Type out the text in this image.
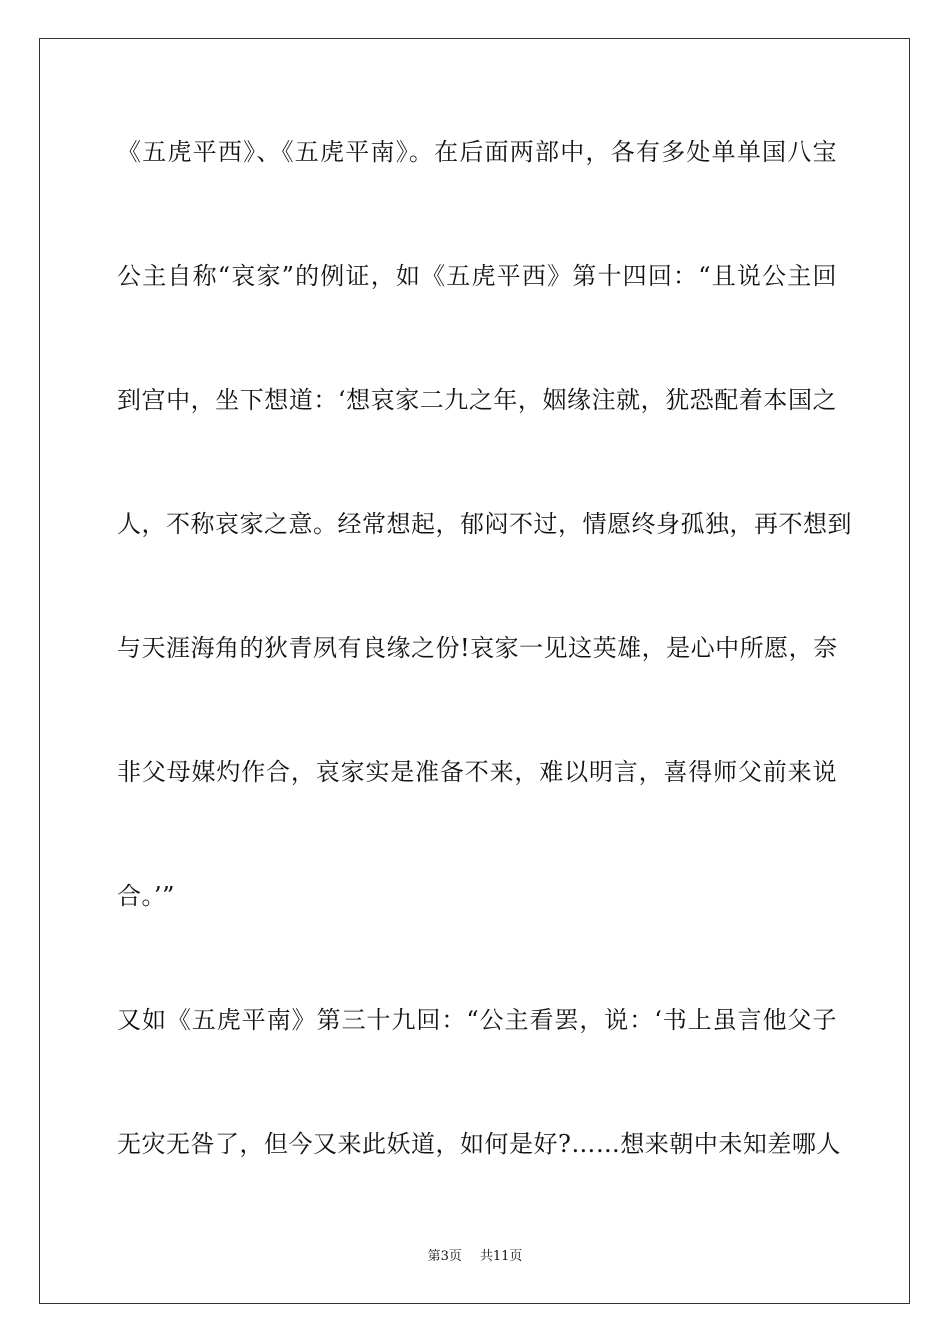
《五虎平西》、《五虎平南》。在后面两部中，各有多处单单国八宝
公主自称“哀家”的例证，如《五虎平西》第十四回：“且说公主回
到宫中，坐下想道：‘想哀家二九之年，姻缘注就，犹恐配着本国之
人，不称哀家之意。经常想起，郁闷不过，情愿终身孤独，再不想到
与天涯海角的狄青夙有良缘之份!哀家一见这英雄，是心中所愿，奈
非父母媒灼作合，哀家实是准备不来，难以明言，喜得师父前来说
合。’”
又如《五虎平南》第三十九回：“公主看罢，说：‘书上虽言他父子
无灾无咎了，但今又来此妖道，如何是好?……想来朝中未知差哪人
第3页 共11页
